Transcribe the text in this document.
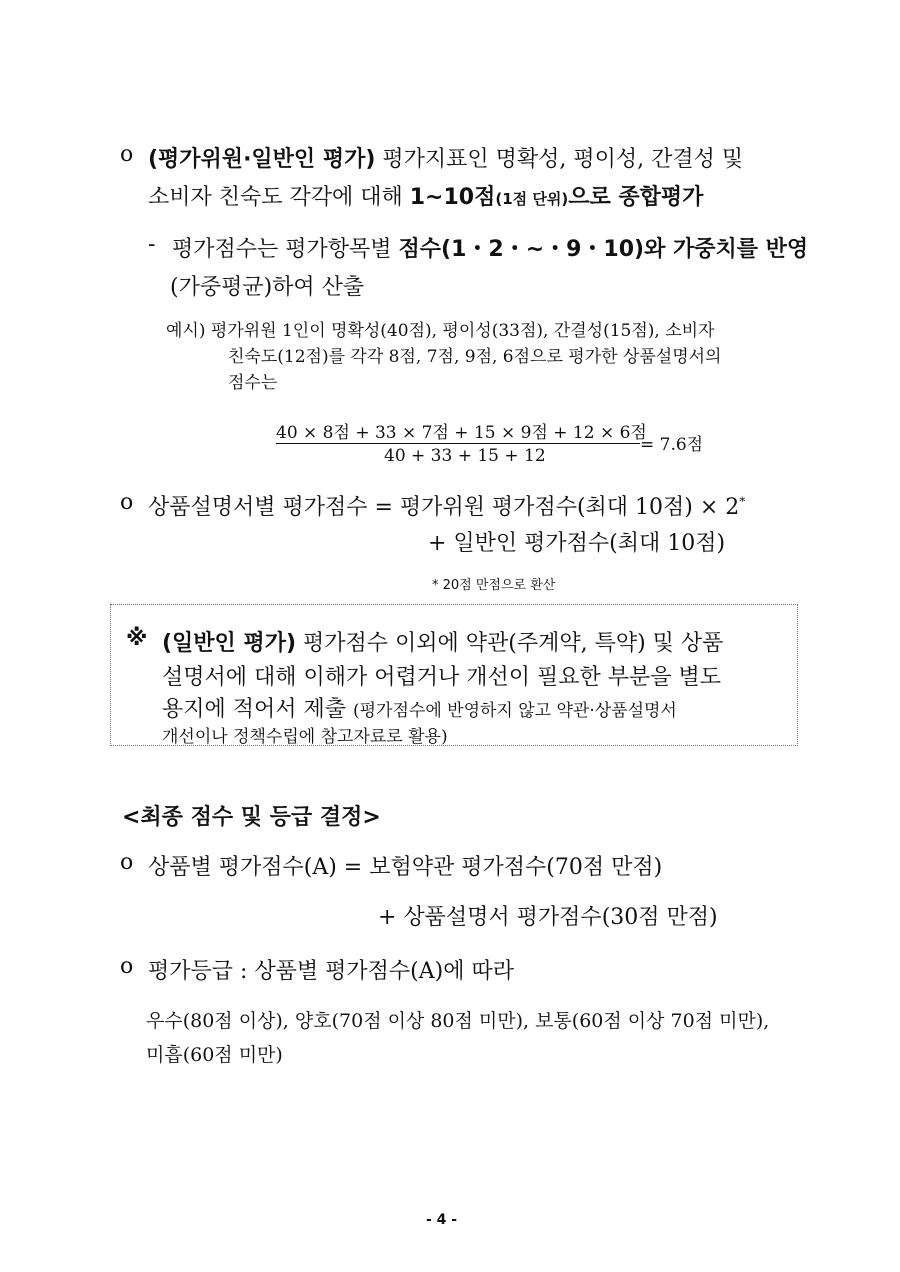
o (평가위원·일반인 평가) 평가지표인 명확성, 평이성, 간결성 및
소비자 친숙도 각각에 대해 1~10점(1점 단위)으로 종합평가
- 평가점수는 평가항목별 점수(1・2・~・9・10)와 가중치를 반영
(가중평균)하여 산출
예시) 평가위원 1인이 명확성(40점), 평이성(33점), 간결성(15점), 소비자
친숙도(12점)를 각각 8점, 7점, 9점, 6점으로 평가한 상품설명서의
점수는
40 × 8점 + 33 × 7점 + 15 × 9점 + 12 × 6점
40 + 33 + 15 + 12
= 7.6점
o 상품설명서별 평가점수 = 평가위원 평가점수(최대 10점) × 2*
+ 일반인 평가점수(최대 10점)
* 20점 만점으로 환산
※ (일반인 평가) 평가점수 이외에 약관(주계약, 특약) 및 상품
설명서에 대해 이해가 어렵거나 개선이 필요한 부분을 별도
용지에 적어서 제출 (평가점수에 반영하지 않고 약관·상품설명서
개선이나 정책수립에 참고자료로 활용)
<최종 점수 및 등급 결정>
o 상품별 평가점수(A) = 보험약관 평가점수(70점 만점)
+ 상품설명서 평가점수(30점 만점)
o 평가등급 : 상품별 평가점수(A)에 따라
우수(80점 이상), 양호(70점 이상 80점 미만), 보통(60점 이상 70점 미만),
미흡(60점 미만)
- 4 -
